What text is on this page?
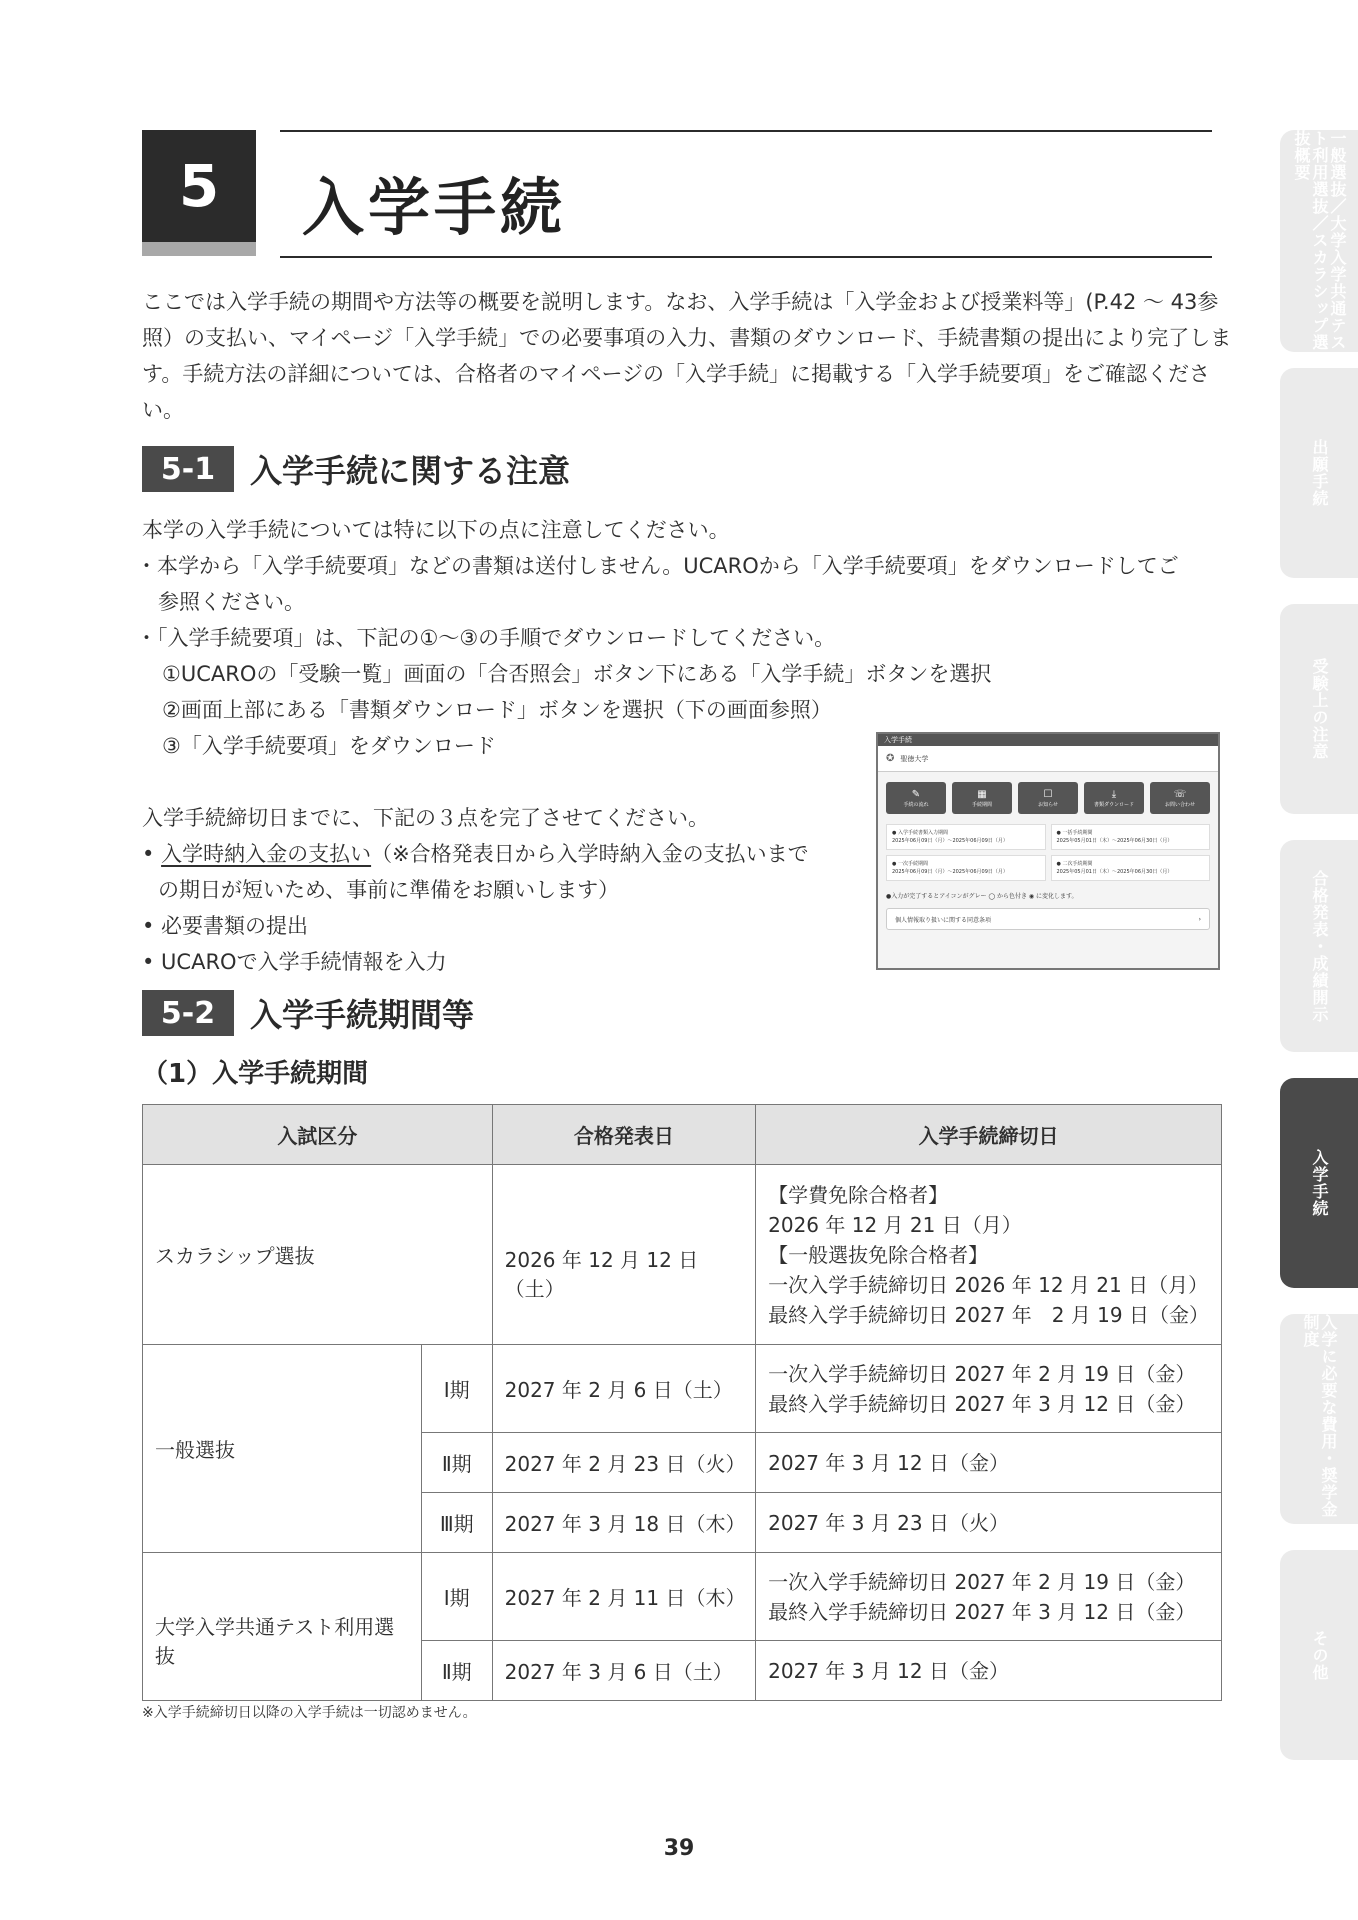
5	入学手続
ここでは入学手続の期間や方法等の概要を説明します。なお、入学手続は「入学金および授業料等」(P.42 ～ 43参照）の支払い、マイページ「入学手続」での必要事項の入力、書類のダウンロード、手続書類の提出により完了します。手続方法の詳細については、合格者のマイページの「入学手続」に掲載する「入学手続要項」をご確認ください。
5-1	入学手続に関する注意
本学の入学手続については特に以下の点に注意してください。
・本学から「入学手続要項」などの書類は送付しません。UCAROから「入学手続要項」をダウンロードしてご
参照ください。
・「入学手続要項」は、下記の①～③の手順でダウンロードしてください。
①UCAROの「受験一覧」画面の「合否照会」ボタン下にある「入学手続」ボタンを選択
②画面上部にある「書類ダウンロード」ボタンを選択（下の画面参照）
③「入学手続要項」をダウンロード
入学手続締切日までに、下記の３点を完了させてください。
• 入学時納入金の支払い（※合格発表日から入学時納入金の支払いまで
の期日が短いため、事前に準備をお願いします）
• 必要書類の提出
• UCAROで入学手続情報を入力
入学手続
✪ 聖徳大学
✎
手続の流れ
▦
手続期間
☐
お知らせ
⤓
書類ダウンロード
☏
お問い合わせ
● 入学手続書類入力期間
2025年06月09日（月）～2025年06月09日（月）
● 一括手続期間
2025年05月01日（木）～2025年06月30日（月）
● 一次手続期間
2025年06月09日（月）～2025年06月09日（月）
● 二次手続期間
2025年05月01日（木）～2025年06月30日（月）
●入力が完了するとアイコンがグレー ◯ から色付き ◉ に変化します。
個人情報取り扱いに関する同意条項	›
5-2	入学手続期間等
（1）入学手続期間
入試区分		合格発表日	入学手続締切日
スカラシップ選抜		2026 年 12 月 12 日（土）	【学費免除合格者】
2026 年 12 月 21 日（月）
【一般選抜免除合格者】
一次入学手続締切日 2026 年 12 月 21 日（月）
最終入学手続締切日 2027 年　2 月 19 日（金）

一般選抜	Ⅰ期	2027 年 2 月 6 日（土）	一次入学手続締切日 2027 年 2 月 19 日（金）
最終入学手続締切日 2027 年 3 月 12 日（金）

	Ⅱ期	2027 年 2 月 23 日（火）	2027 年 3 月 12 日（金）

	Ⅲ期	2027 年 3 月 18 日（木）	2027 年 3 月 23 日（火）

大学入学共通テスト利用選抜	Ⅰ期	2027 年 2 月 11 日（木）	一次入学手続締切日 2027 年 2 月 19 日（金）
最終入学手続締切日 2027 年 3 月 12 日（金）

	Ⅱ期	2027 年 3 月 6 日（土）	2027 年 3 月 12 日（金）
※入学手続締切日以降の入学手続は一切認めません。
39
一般選抜／大学入学共通テスト利用選抜／スカラシップ選抜概要
出願手続
受験上の注意
合格発表・成績開示
入学手続
入学に必要な費用・奨学金制度
その他
